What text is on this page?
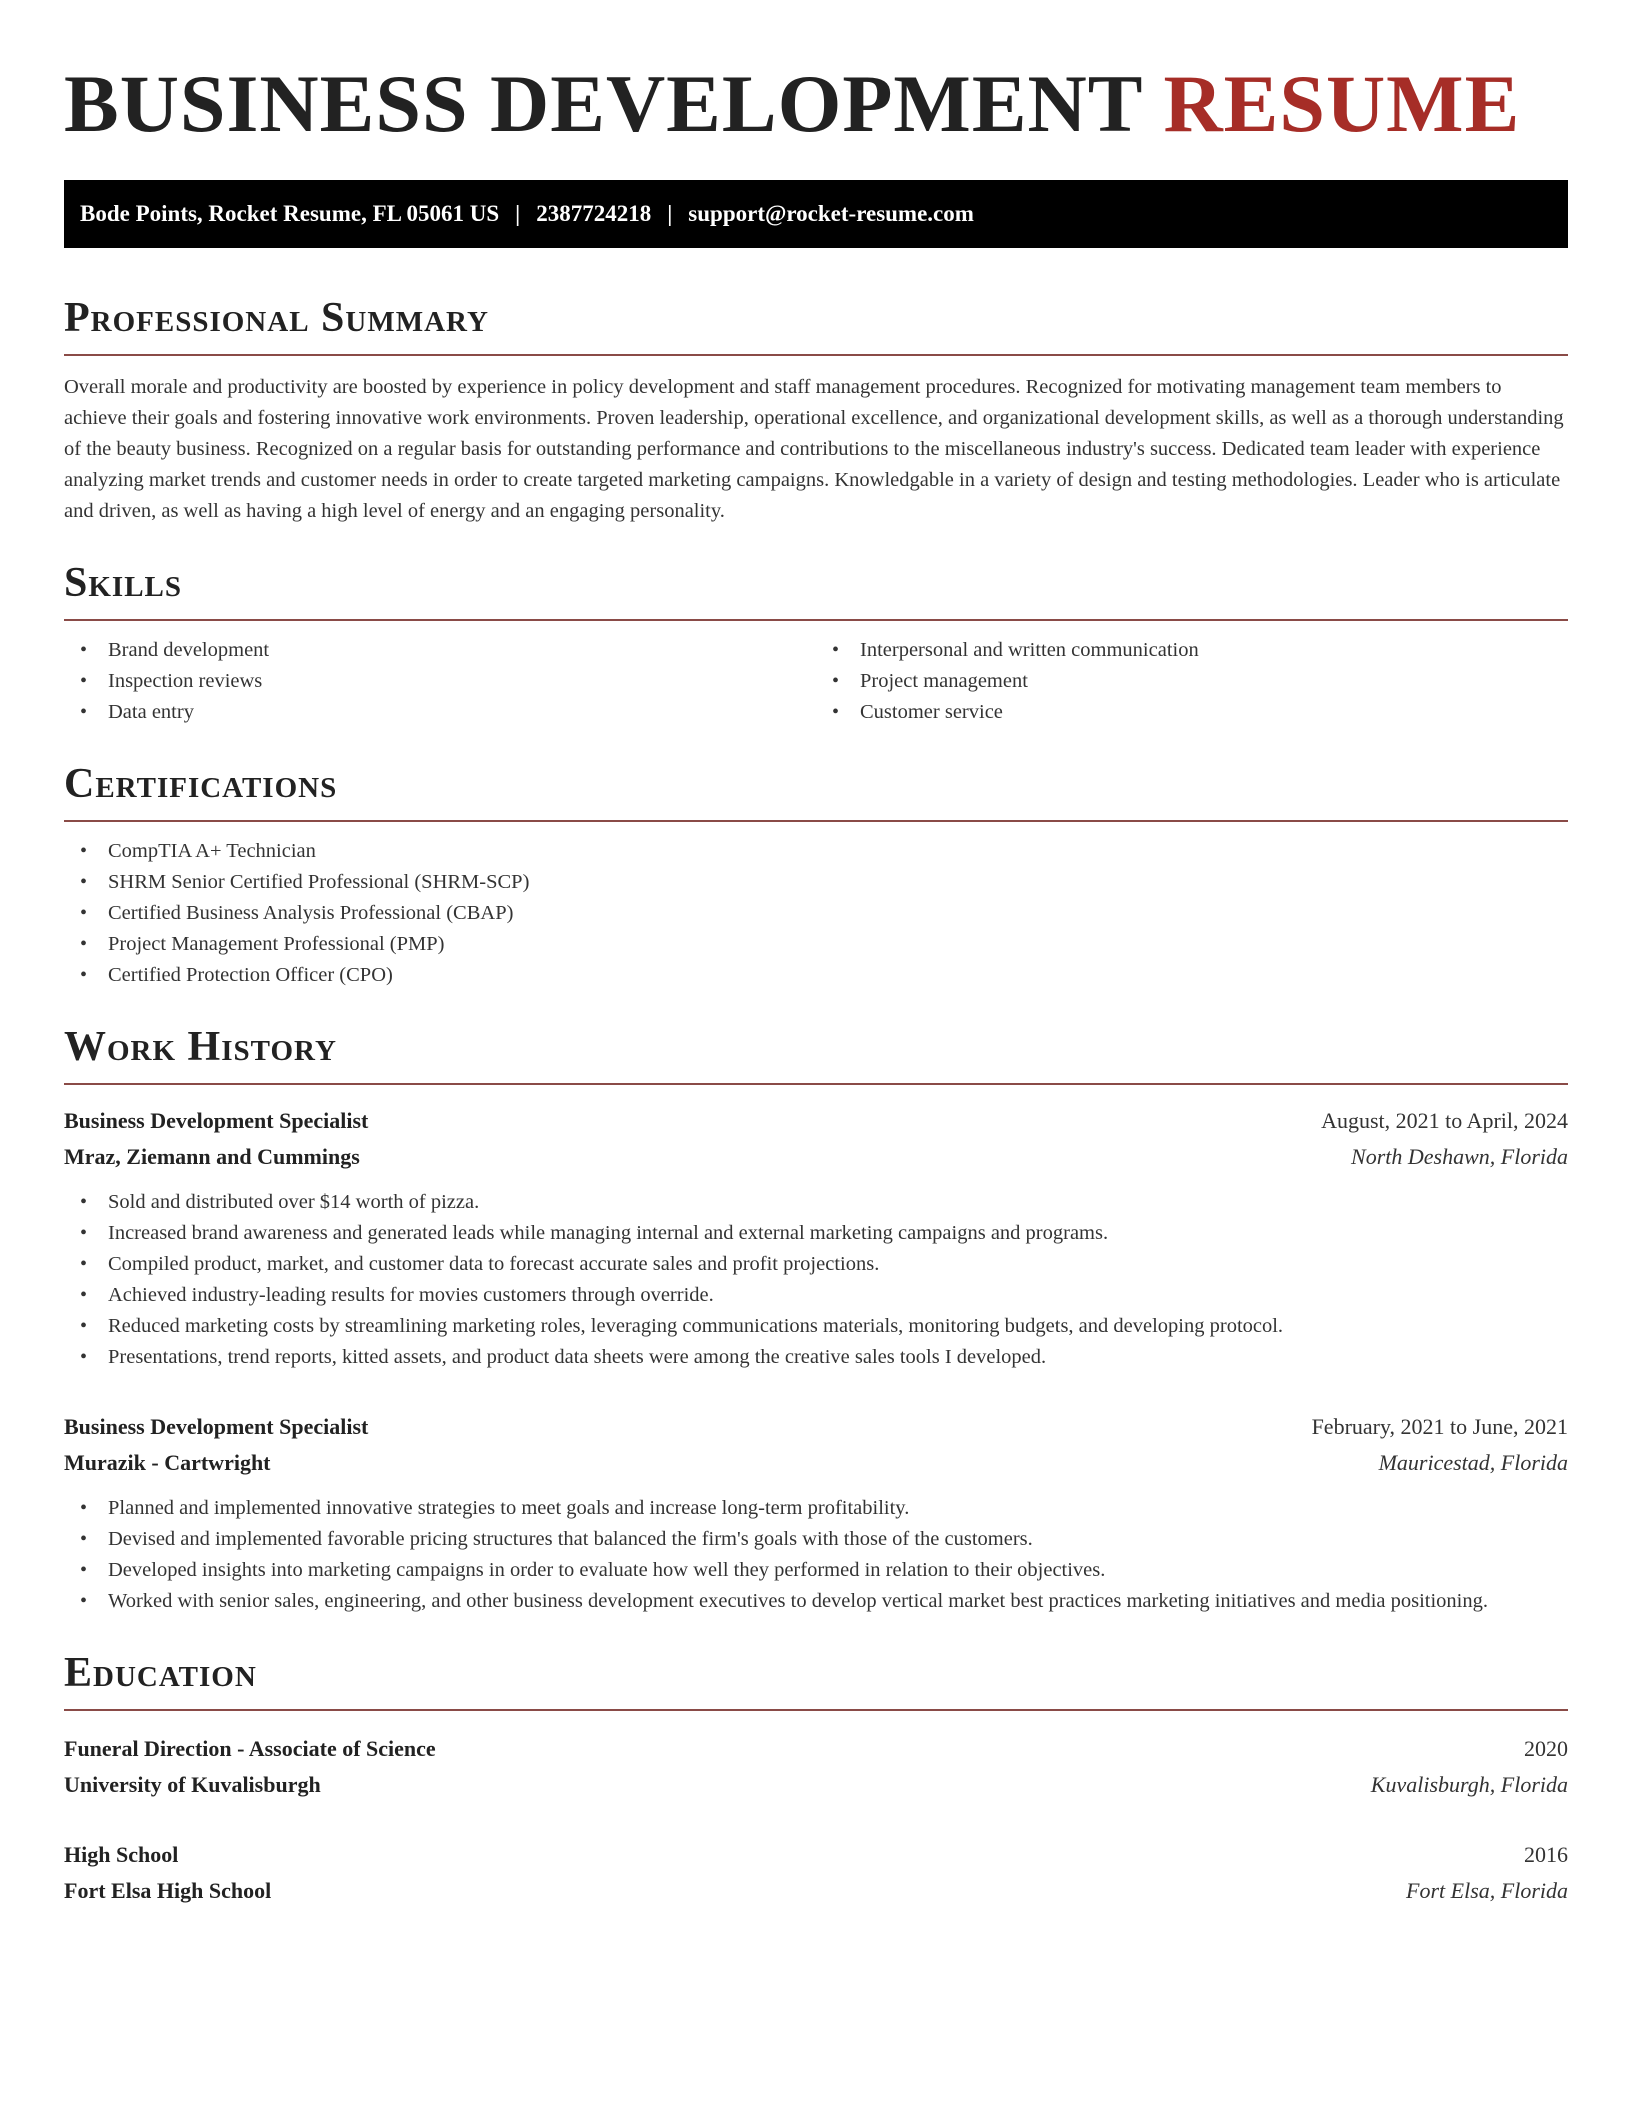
BUSINESS DEVELOPMENT RESUME
Bode Points, Rocket Resume, FL 05061 US | 2387724218 | support@rocket-resume.com
Professional Summary

Overall morale and productivity are boosted by experience in policy development and staff management procedures. Recognized for motivating management team members to achieve their goals and fostering innovative work environments. Proven leadership, operational excellence, and organizational development skills, as well as a thorough understanding of the beauty business. Recognized on a regular basis for outstanding performance and contributions to the miscellaneous industry's success. Dedicated team leader with experience analyzing market trends and customer needs in order to create targeted marketing campaigns. Knowledgable in a variety of design and testing methodologies. Leader who is articulate and driven, as well as having a high level of energy and an engaging personality.

Skills
• Brand development
• Inspection reviews
• Data entry
• Interpersonal and written communication
• Project management
• Customer service
Certifications
• CompTIA A+ Technician
• SHRM Senior Certified Professional (SHRM-SCP)
• Certified Business Analysis Professional (CBAP)
• Project Management Professional (PMP)
• Certified Protection Officer (CPO)
Work History
Business Development Specialist	August, 2021 to April, 2024
Mraz, Ziemann and Cummings	North Deshawn, Florida
• Sold and distributed over $14 worth of pizza.
• Increased brand awareness and generated leads while managing internal and external marketing campaigns and programs.
• Compiled product, market, and customer data to forecast accurate sales and profit projections.
• Achieved industry-leading results for movies customers through override.
• Reduced marketing costs by streamlining marketing roles, leveraging communications materials, monitoring budgets, and developing protocol.
• Presentations, trend reports, kitted assets, and product data sheets were among the creative sales tools I developed.
Business Development Specialist	February, 2021 to June, 2021
Murazik - Cartwright	Mauricestad, Florida
• Planned and implemented innovative strategies to meet goals and increase long-term profitability.
• Devised and implemented favorable pricing structures that balanced the firm's goals with those of the customers.
• Developed insights into marketing campaigns in order to evaluate how well they performed in relation to their objectives.
• Worked with senior sales, engineering, and other business development executives to develop vertical market best practices marketing initiatives and media positioning.
Education
Funeral Direction - Associate of Science	2020
University of Kuvalisburgh	Kuvalisburgh, Florida
High School	2016
Fort Elsa High School	Fort Elsa, Florida
